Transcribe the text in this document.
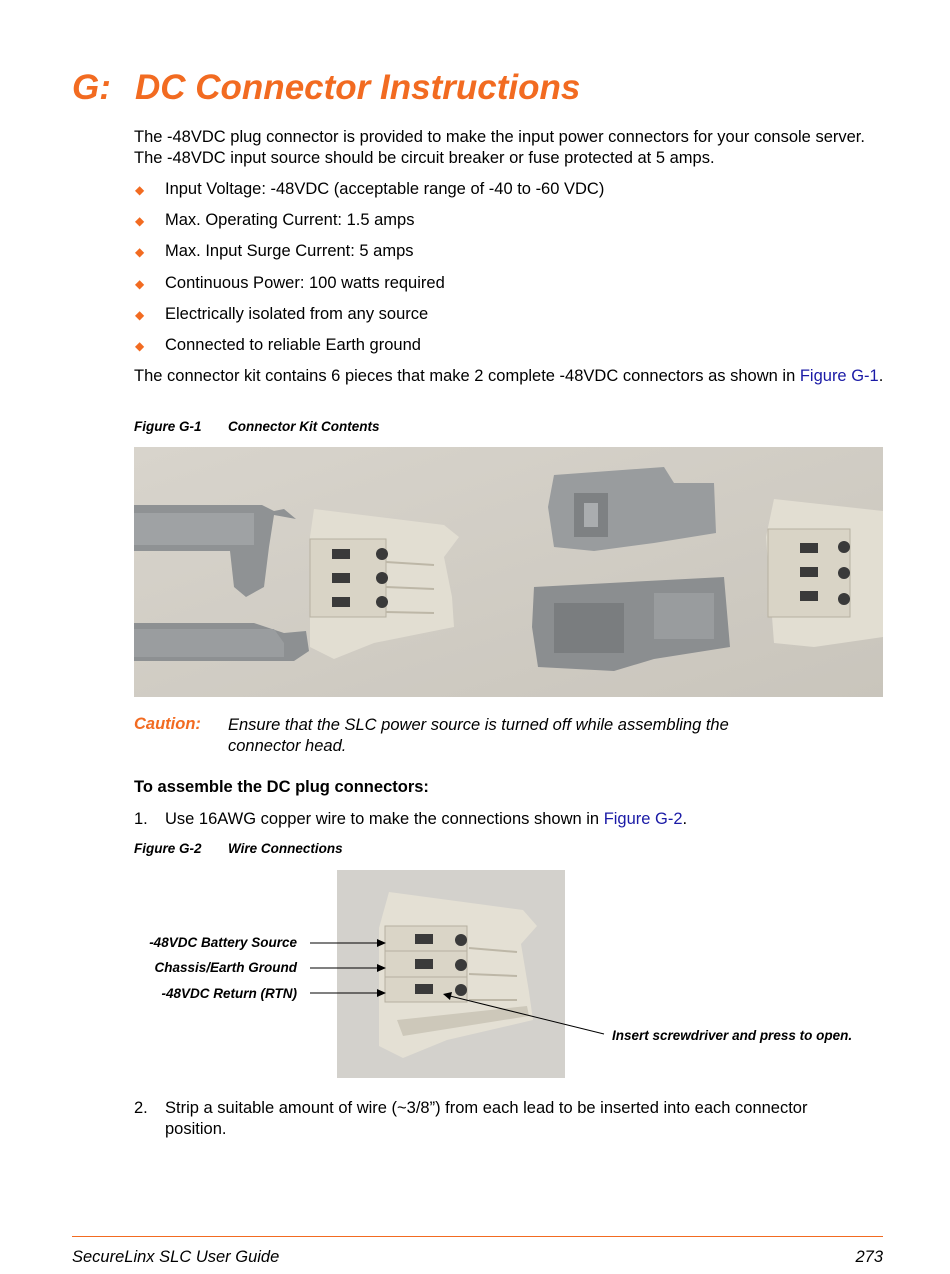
G: DC Connector Instructions
The -48VDC plug connector is provided to make the input power connectors for your console server. The -48VDC input source should be circuit breaker or fuse protected at 5 amps.
◆ Input Voltage: -48VDC (acceptable range of -40 to -60 VDC)
◆ Max. Operating Current: 1.5 amps
◆ Max. Input Surge Current: 5 amps
◆ Continuous Power: 100 watts required
◆ Electrically isolated from any source
◆ Connected to reliable Earth ground
The connector kit contains 6 pieces that make 2 complete -48VDC connectors as shown in Figure G-1.
Figure G-1 Connector Kit Contents
Caution: Ensure that the SLC power source is turned off while assembling the connector head.
To assemble the DC plug connectors:
1. Use 16AWG copper wire to make the connections shown in Figure G-2.
Figure G-2 Wire Connections
-48VDC Battery Source
Chassis/Earth Ground
-48VDC Return (RTN)
Insert screwdriver and press to open.
2. Strip a suitable amount of wire (~3/8”) from each lead to be inserted into each connector position.
SecureLinx SLC User Guide	273
